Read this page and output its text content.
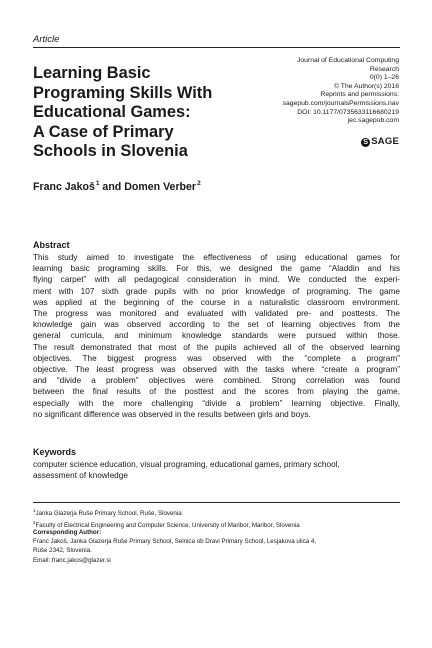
Article
Learning Basic
Programing Skills With
Educational Games:
A Case of Primary
Schools in Slovenia
Journal of Educational Computing
Research
0(0) 1–26
© The Author(s) 2016
Reprints and permissions:
sagepub.com/journalsPermissions.nav
DOI: 10.1177/0735633116680219
jec.sagepub.com
S SAGE
Franc Jakoš$^1$ and Domen Verber$^2$
Abstract
This study aimed to investigate the effectiveness of using educational games for
learning basic programing skills. For this, we designed the game “Aladdin and his
flying carpet” with all pedagogical consideration in mind. We conducted the experi-
ment with 107 sixth grade pupils with no prior knowledge of programing. The game
was applied at the beginning of the course in a naturalistic classroom environment.
The progress was monitored and evaluated with validated pre- and posttests. The
knowledge gain was observed according to the set of learning objectives from the
general curricula, and minimum knowledge standards were pursued within those.
The result demonstrated that most of the pupils achieved all of the observed learning
objectives. The biggest progress was observed with the “complete a program”
objective. The least progress was observed with the tasks where “create a program”
and “divide a problem” objectives were combined. Strong correlation was found
between the final results of the posttest and the scores from playing the game,
especially with the more challenging “divide a problem” learning objective. Finally,
no significant difference was observed in the results between girls and boys.
Keywords
computer science education, visual programing, educational games, primary school,
assessment of knowledge
$^1$Janka Glazerja Ruše Primary School, Ruše, Slovenia
$^2$Faculty of Electrical Engineering and Computer Science, University of Maribor, Maribor, Slovenia
Corresponding Author:
Franc Jakoš, Janka Glazerja Ruše Primary School, Selnica ob Dravi Primary School, Lesjakova ulica 4,
Ruše 2342, Slovenia.
Email: franc.jakos@glazer.si
